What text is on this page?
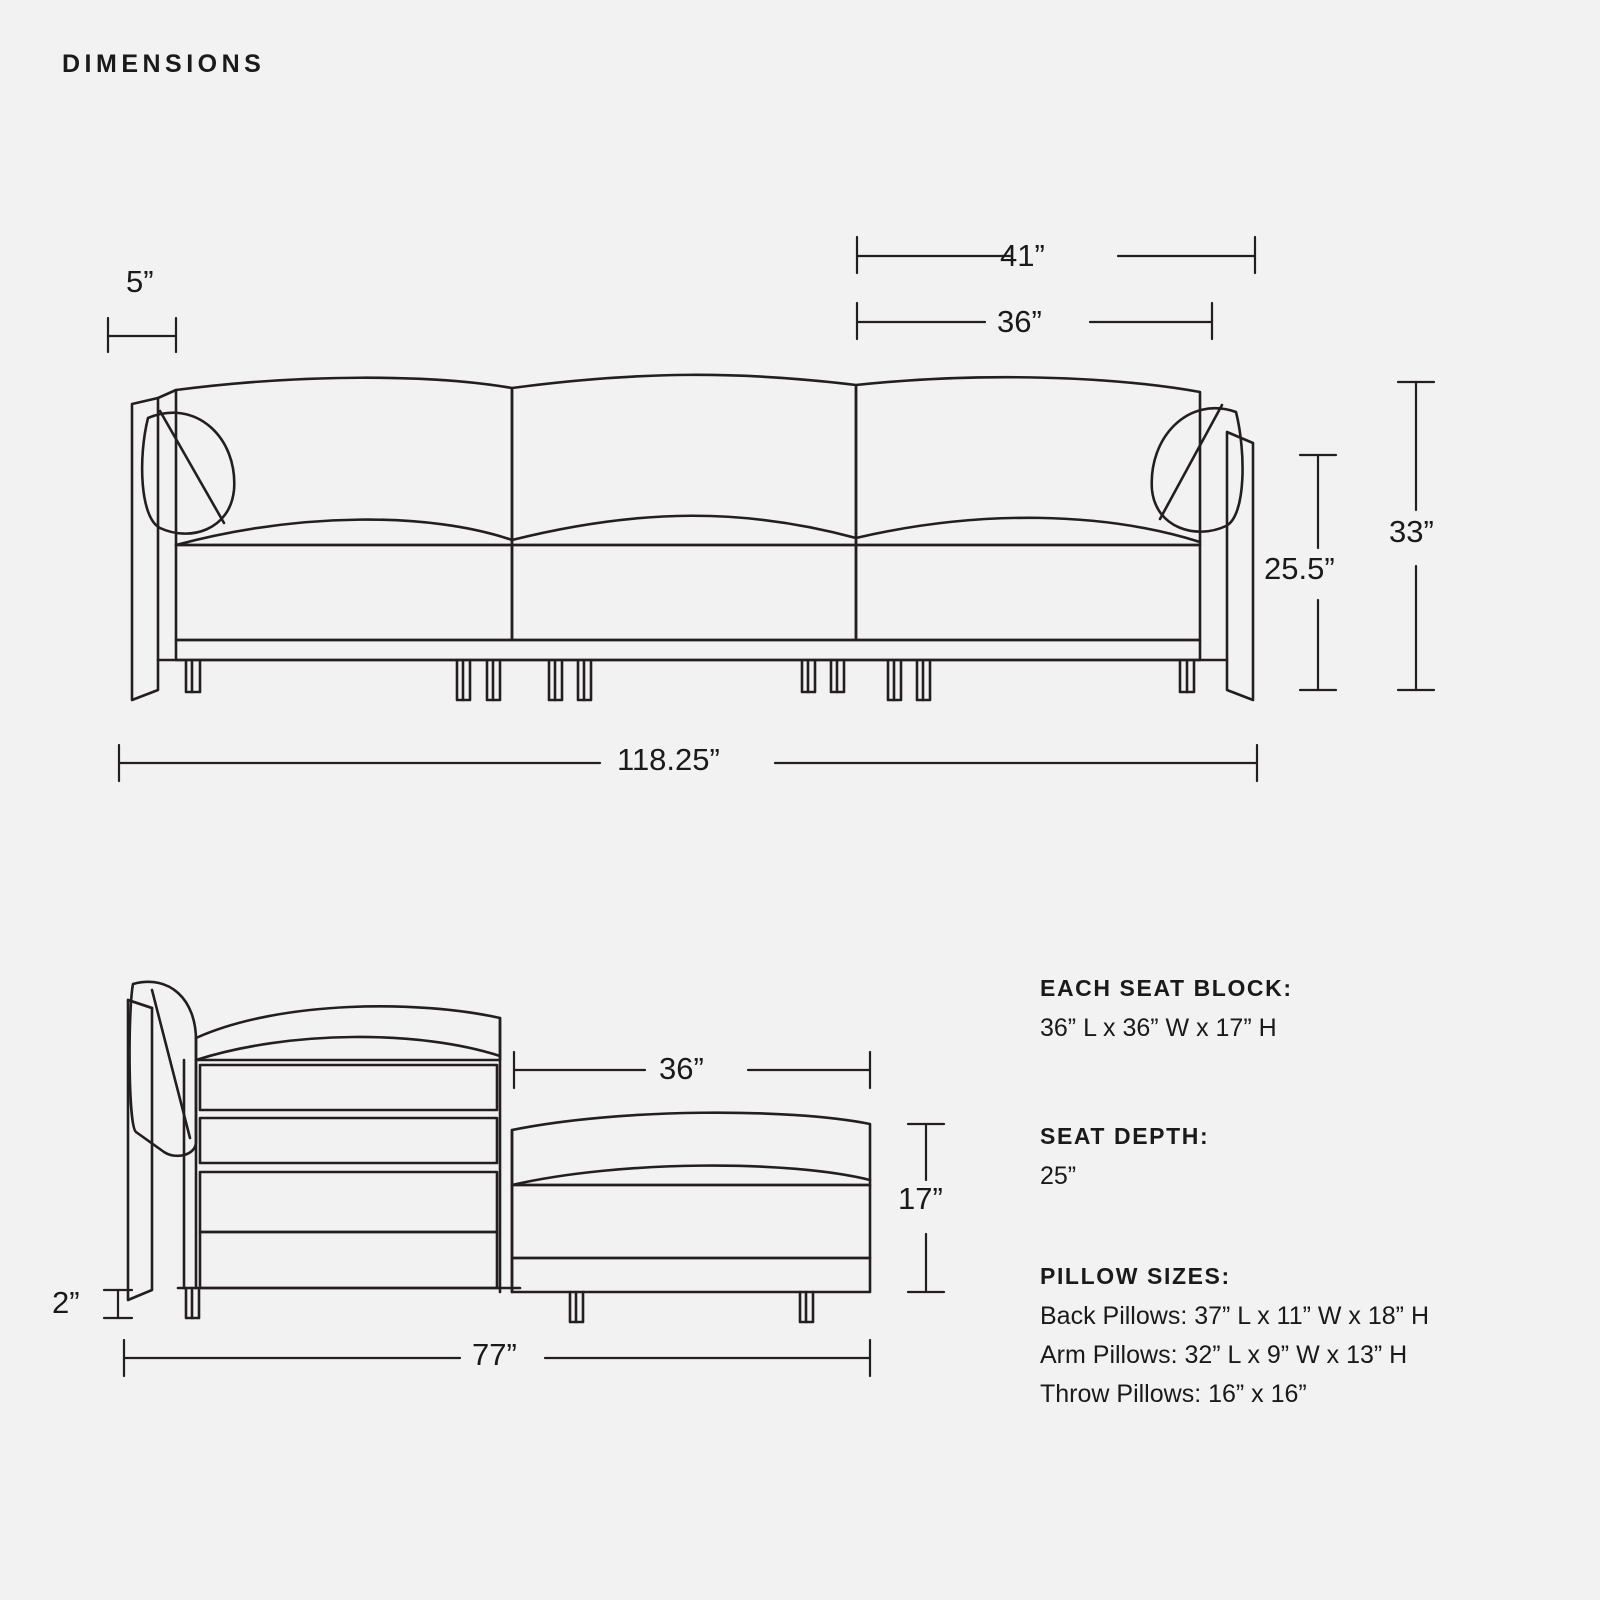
DIMENSIONS
5”
41”
36”
33”
25.5”
118.25”
36”
17”
2”
77”
EACH SEAT BLOCK:
36” L x 36” W x 17” H
SEAT DEPTH:
25”
PILLOW SIZES:
Back Pillows: 37” L x 11” W x 18” H
Arm Pillows: 32” L x 9” W x 13” H
Throw Pillows: 16” x 16”
